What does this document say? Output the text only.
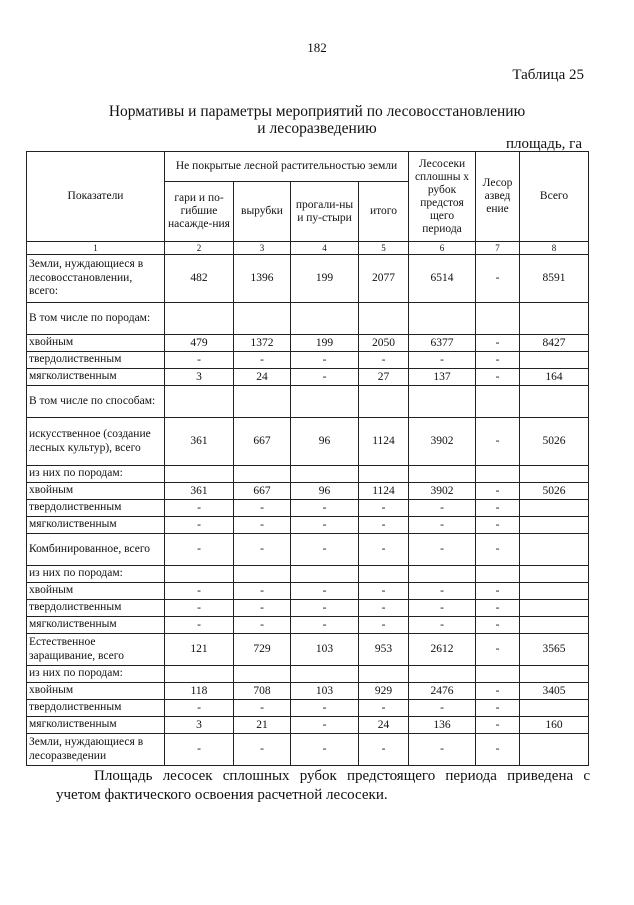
182
Таблица 25
Нормативы и параметры мероприятий по лесовосстановлению
и лесоразведению
площадь, га
Показатели	Не покрытые лесной растительностью земли				Лесосеки сплошны х рубок предстоя щего периода	Лесор азвед ение	Всего
	гари и по-гибшие насажде-ния	вырубки	прогали-ны и пу-стыри	итого			
1	2	3	4	5	6	7	8
Земли, нуждающиеся в лесовосстановлении, всего:	482	1396	199	2077	6514	-	8591
В том числе по породам:							
хвойным	479	1372	199	2050	6377	-	8427
твердолиственным	-	-	-	-	-	-	
мягколиственным	3	24	-	27	137	-	164
В том числе по способам:							
искусственное (создание лесных культур), всего	361	667	96	1124	3902	-	5026
из них по породам:							
хвойным	361	667	96	1124	3902	-	5026
твердолиственным	-	-	-	-	-	-	
мягколиственным	-	-	-	-	-	-	
Комбинированное, всего	-	-	-	-	-	-	
из них по породам:							
хвойным	-	-	-	-	-	-	
твердолиственным	-	-	-	-	-	-	
мягколиственным	-	-	-	-	-	-	
Естественное заращивание, всего	121	729	103	953	2612	-	3565
из них по породам:							
хвойным	118	708	103	929	2476	-	3405
твердолиственным	-	-	-	-	-	-	
мягколиственным	3	21	-	24	136	-	160
Земли, нуждающиеся в лесоразведении	-	-	-	-	-	-	
Площадь лесосек сплошных рубок предстоящего периода приведена с учетом фактического освоения расчетной лесосеки.
